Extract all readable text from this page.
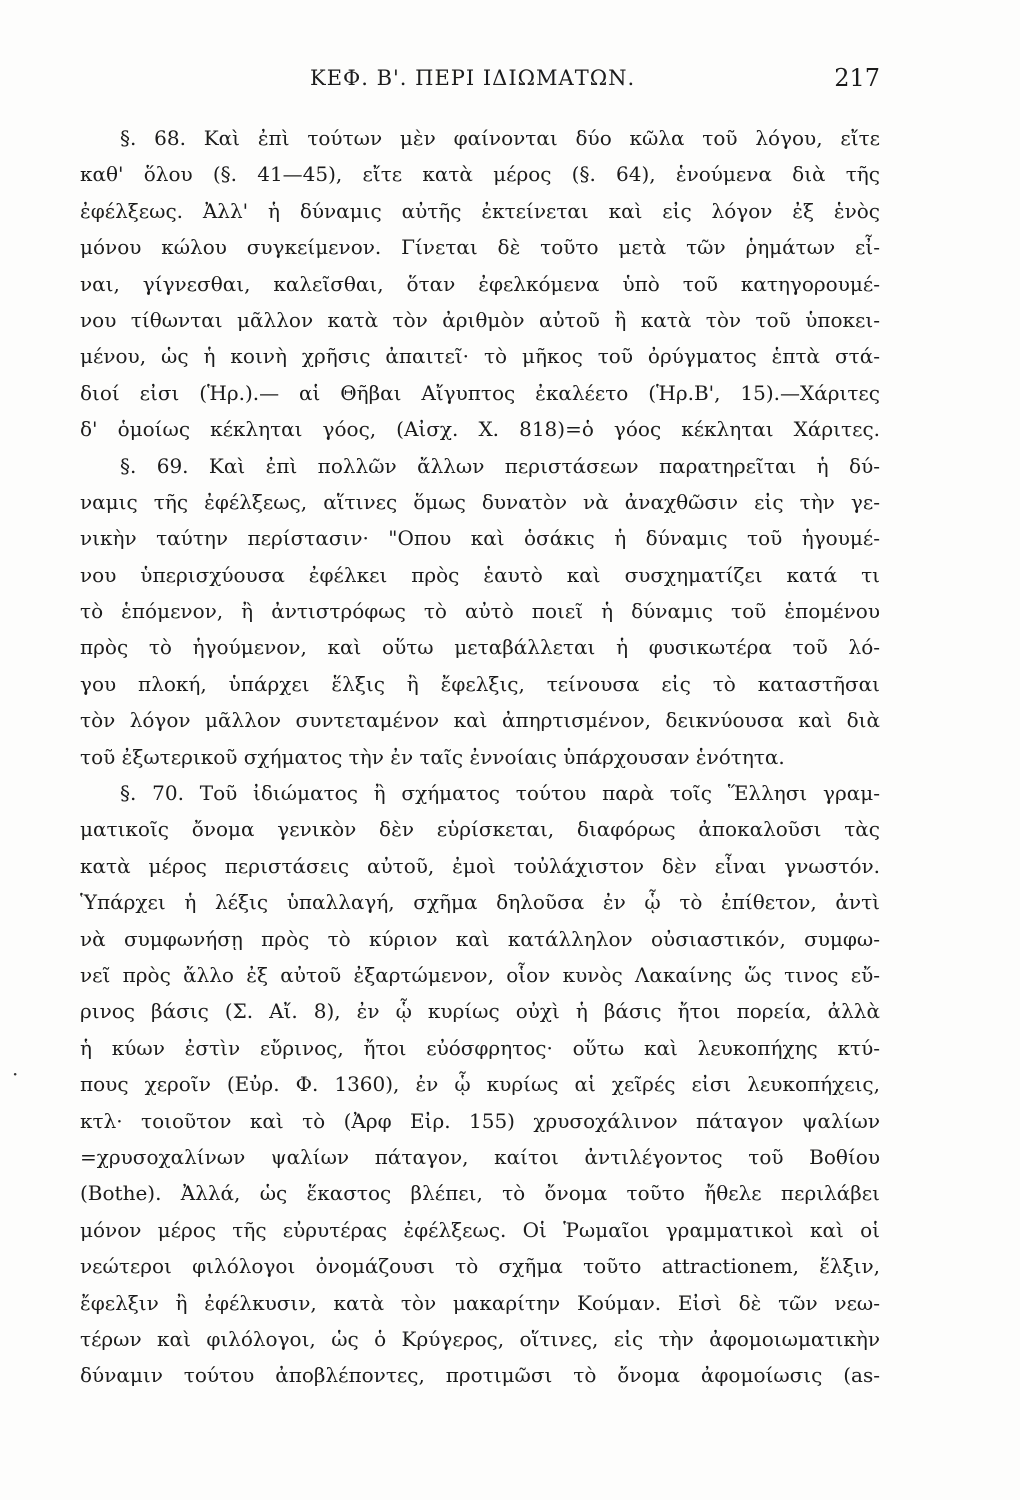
ΚΕΦ. Β'. ΠΕΡΙ ΙΔΙΩΜΑΤΩΝ.	217
·
§. 68. Καὶ ἐπὶ τούτων μὲν φαίνονται δύο κῶλα τοῦ λόγου, εἴτε
καθ' ὅλου (§. 41—45), εἴτε κατὰ μέρος (§. 64), ἑνούμενα διὰ τῆς
ἐφέλξεως. Ἀλλ' ἡ δύναμις αὐτῆς ἐκτείνεται καὶ εἰς λόγον ἐξ ἑνὸς
μόνου κώλου συγκείμενον. Γίνεται δὲ τοῦτο μετὰ τῶν ῥημάτων εἶ-
ναι, γίγνεσθαι, καλεῖσθαι, ὅταν ἐφελκόμενα ὑπὸ τοῦ κατηγορουμέ-
νου τίθωνται μᾶλλον κατὰ τὸν ἀριθμὸν αὐτοῦ ἢ κατὰ τὸν τοῦ ὑποκει-
μένου, ὡς ἡ κοινὴ χρῆσις ἀπαιτεῖ· τὸ μῆκος τοῦ ὀρύγματος ἑπτὰ στά-
διοί εἰσι (Ἡρ.).— αἱ Θῆβαι Αἴγυπτος ἐκαλέετο (Ἡρ.Β', 15).—Χάριτες
δ' ὁμοίως κέκληται γόος, (Αἰσχ. Χ. 818)=ὁ γόος κέκληται Χάριτες.
§. 69. Καὶ ἐπὶ πολλῶν ἄλλων περιστάσεων παρατηρεῖται ἡ δύ-
ναμις τῆς ἐφέλξεως, αἵτινες ὅμως δυνατὸν νὰ ἀναχθῶσιν εἰς τὴν γε-
νικὴν ταύτην περίστασιν· "Οπου καὶ ὁσάκις ἡ δύναμις τοῦ ἡγουμέ-
νου ὑπερισχύουσα ἐφέλκει πρὸς ἑαυτὸ καὶ συσχηματίζει κατά τι
τὸ ἑπόμενον, ἢ ἀντιστρόφως τὸ αὐτὸ ποιεῖ ἡ δύναμις τοῦ ἑπομένου
πρὸς τὸ ἡγούμενον, καὶ οὕτω μεταβάλλεται ἡ φυσικωτέρα τοῦ λό-
γου πλοκή, ὑπάρχει ἕλξις ἢ ἔφελξις, τείνουσα εἰς τὸ καταστῆσαι
τὸν λόγον μᾶλλον συντεταμένον καὶ ἀπηρτισμένον, δεικνύουσα καὶ διὰ
τοῦ ἐξωτερικοῦ σχήματος τὴν ἐν ταῖς ἐννοίαις ὑπάρχουσαν ἑνότητα.
§. 70. Τοῦ ἰδιώματος ἢ σχήματος τούτου παρὰ τοῖς Ἕλλησι γραμ-
ματικοῖς ὄνομα γενικὸν δὲν εὑρίσκεται, διαφόρως ἀποκαλοῦσι τὰς
κατὰ μέρος περιστάσεις αὐτοῦ, ἐμοὶ τοὐλάχιστον δὲν εἶναι γνωστόν.
Ὑπάρχει ἡ λέξις ὑπαλλαγή, σχῆμα δηλοῦσα ἐν ᾧ τὸ ἐπίθετον, ἀντὶ
νὰ συμφωνήσῃ πρὸς τὸ κύριον καὶ κατάλληλον οὐσιαστικόν, συμφω-
νεῖ πρὸς ἄλλο ἐξ αὐτοῦ ἐξαρτώμενον, οἷον κυνὸς Λακαίνης ὥς τινος εὔ-
ρινος βάσις (Σ. Αἴ. 8), ἐν ᾧ κυρίως οὐχὶ ἡ βάσις ἤτοι πορεία, ἀλλὰ
ἡ κύων ἐστὶν εὔρινος, ἤτοι εὐόσφρητος· οὕτω καὶ λευκοπήχης κτύ-
πους χεροῖν (Εὐρ. Φ. 1360), ἐν ᾧ κυρίως αἱ χεῖρές εἰσι λευκοπήχεις,
κτλ· τοιοῦτον καὶ τὸ (Ἀρφ Εἰρ. 155) χρυσοχάλινον πάταγον ψαλίων
=χρυσοχαλίνων ψαλίων πάταγον, καίτοι ἀντιλέγοντος τοῦ Βοθίου
(Bothe). Ἀλλά, ὡς ἕκαστος βλέπει, τὸ ὄνομα τοῦτο ἤθελε περιλάβει
μόνον μέρος τῆς εὐρυτέρας ἐφέλξεως. Οἱ Ῥωμαῖοι γραμματικοὶ καὶ οἱ
νεώτεροι φιλόλογοι ὀνομάζουσι τὸ σχῆμα τοῦτο attractionem, ἕλξιν,
ἔφελξιν ἢ ἐφέλκυσιν, κατὰ τὸν μακαρίτην Κούμαν. Εἰσὶ δὲ τῶν νεω-
τέρων καὶ φιλόλογοι, ὡς ὁ Κρύγερος, οἵτινες, εἰς τὴν ἀφομοιωματικὴν
δύναμιν τούτου ἀποβλέποντες, προτιμῶσι τὸ ὄνομα ἀφομοίωσις (as-
